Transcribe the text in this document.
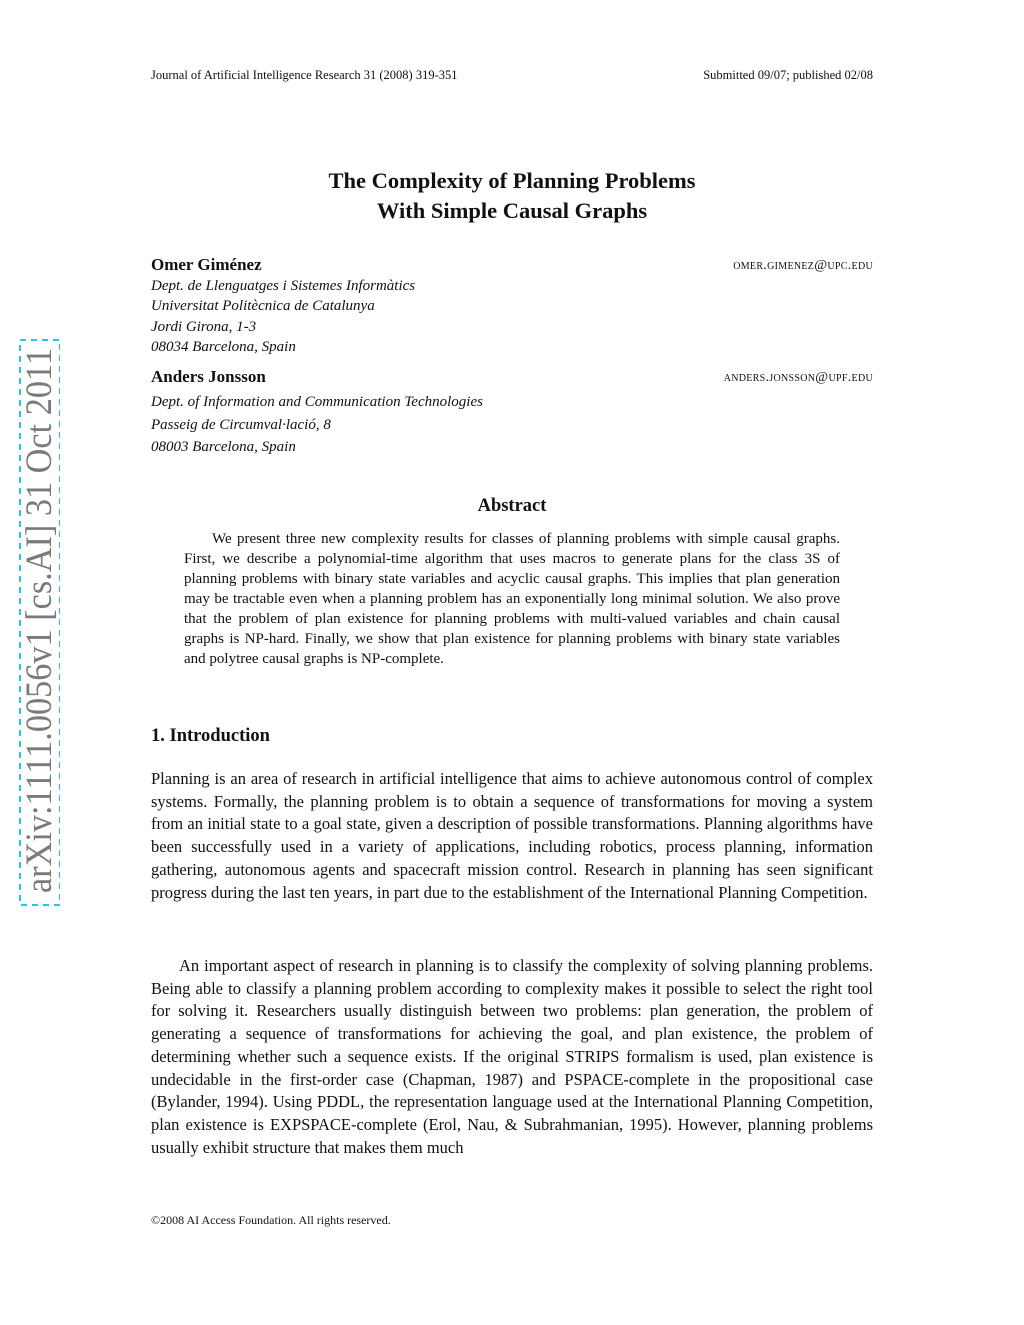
arXiv:1111.0056v1 [cs.AI] 31 Oct 2011
Journal of Artificial Intelligence Research 31 (2008) 319-351	Submitted 09/07; published 02/08
The Complexity of Planning Problems
With Simple Causal Graphs
Omer Giménez	omer.gimenez@upc.edu
Dept. de Llenguatges i Sistemes Informàtics
Universitat Politècnica de Catalunya
Jordi Girona, 1-3
08034 Barcelona, Spain
Anders Jonsson	anders.jonsson@upf.edu
Dept. of Information and Communication Technologies
Passeig de Circumval·lació, 8
08003 Barcelona, Spain
Abstract
We present three new complexity results for classes of planning problems with simple causal graphs. First, we describe a polynomial-time algorithm that uses macros to generate plans for the class 3S of planning problems with binary state variables and acyclic causal graphs. This implies that plan generation may be tractable even when a planning problem has an exponentially long minimal solution. We also prove that the problem of plan existence for planning problems with multi-valued variables and chain causal graphs is NP-hard. Finally, we show that plan existence for planning problems with binary state variables and polytree causal graphs is NP-complete.
1. Introduction
Planning is an area of research in artificial intelligence that aims to achieve autonomous control of complex systems. Formally, the planning problem is to obtain a sequence of transformations for moving a system from an initial state to a goal state, given a description of possible transformations. Planning algorithms have been successfully used in a variety of applications, including robotics, process planning, information gathering, autonomous agents and spacecraft mission control. Research in planning has seen significant progress during the last ten years, in part due to the establishment of the International Planning Competition.
An important aspect of research in planning is to classify the complexity of solving planning problems. Being able to classify a planning problem according to complexity makes it possible to select the right tool for solving it. Researchers usually distinguish between two problems: plan generation, the problem of generating a sequence of transformations for achieving the goal, and plan existence, the problem of determining whether such a sequence exists. If the original STRIPS formalism is used, plan existence is undecidable in the first-order case (Chapman, 1987) and PSPACE-complete in the propositional case (Bylander, 1994). Using PDDL, the representation language used at the International Planning Competition, plan existence is EXPSPACE-complete (Erol, Nau, & Subrahmanian, 1995). However, planning problems usually exhibit structure that makes them much
©2008 AI Access Foundation. All rights reserved.
